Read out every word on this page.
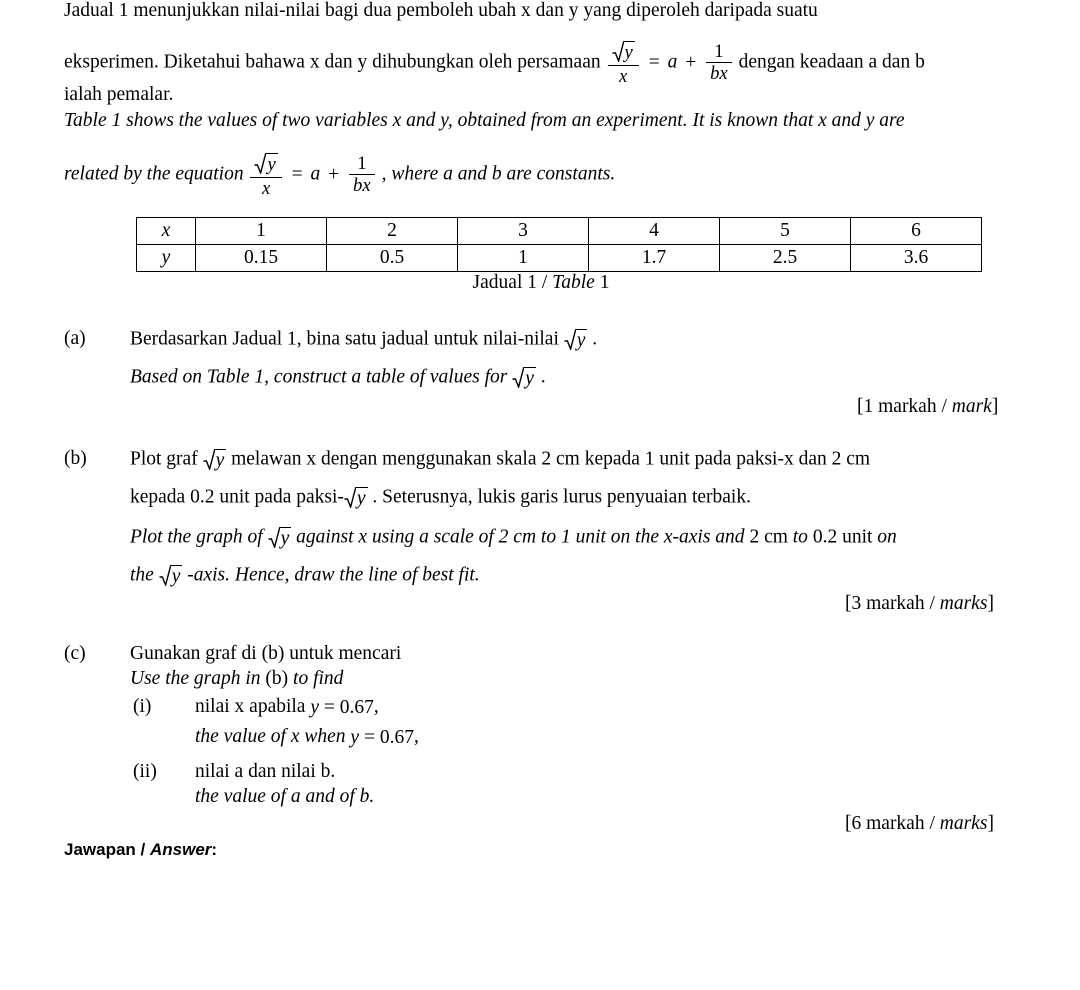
Jadual 1 menunjukkan nilai-nilai bagi dua pemboleh ubah x dan y yang diperoleh daripada suatu
eksperimen. Diketahui bahawa x dan y dihubungkan oleh persamaan $\frac{y}{x} = a + \frac{1}{bx}$ dengan keadaan a dan b
ialah pemalar.
Table 1 shows the values of two variables x and y, obtained from an experiment. It is known that x and y are
related by the equation $\frac{y}{x} = a + \frac{1}{bx}$ , where a and b are constants.
x	1	2	3	4	5	6
y	0.15	0.5	1	1.7	2.5	3.6
Jadual 1 / Table 1
(a) Berdasarkan Jadual 1, bina satu jadual untuk nilai-nilai y .
Based on Table 1, construct a table of values for y .
[1 markah / mark]
(b) Plot graf y melawan x dengan menggunakan skala 2 cm kepada 1 unit pada paksi-x dan 2 cm
kepada 0.2 unit pada paksi- y . Seterusnya, lukis garis lurus penyuaian terbaik.
Plot the graph of y against x using a scale of 2 cm to 1 unit on the x-axis and 2 cm to 0.2 unit on
the y -axis. Hence, draw the line of best fit.
[3 markah / marks]
(c) Gunakan graf di (b) untuk mencari
Use the graph in (b) to find
(i) nilai x apabila y = 0.67,
the value of x when y = 0.67,
(ii) nilai a dan nilai b.
the value of a and of b.
[6 markah / marks]
Jawapan / Answer:
